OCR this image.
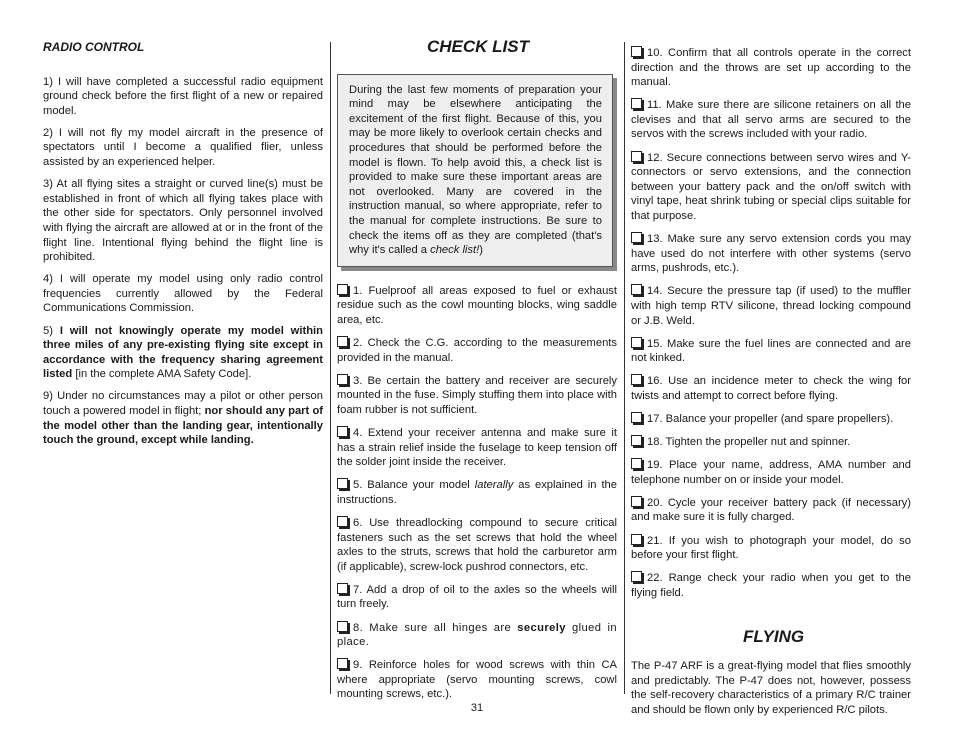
RADIO CONTROL

1) I will have completed a successful radio equipment ground check before the first flight of a new or repaired model.

2) I will not fly my model aircraft in the presence of spectators until I become a qualified flier, unless assisted by an experienced helper.

3) At all flying sites a straight or curved line(s) must be established in front of which all flying takes place with the other side for spectators. Only personnel involved with flying the aircraft are allowed at or in the front of the flight line. Intentional flying behind the flight line is prohibited.

4) I will operate my model using only radio control frequencies currently allowed by the Federal Communications Commission.

5) I will not knowingly operate my model within three miles of any pre-existing flying site except in accordance with the frequency sharing agreement listed [in the complete AMA Safety Code].

9) Under no circumstances may a pilot or other person touch a powered model in flight; nor should any part of the model other than the landing gear, intentionally touch the ground, except while landing.

CHECK LIST

During the last few moments of preparation your mind may be elsewhere anticipating the excitement of the first flight. Because of this, you may be more likely to overlook certain checks and procedures that should be performed before the model is flown. To help avoid this, a check list is provided to make sure these important areas are not overlooked. Many are covered in the instruction manual, so where appropriate, refer to the manual for complete instructions. Be sure to check the items off as they are completed (that's why it's called a check list!)

1. Fuelproof all areas exposed to fuel or exhaust residue such as the cowl mounting blocks, wing saddle area, etc.

2. Check the C.G. according to the measurements provided in the manual.

3. Be certain the battery and receiver are securely mounted in the fuse. Simply stuffing them into place with foam rubber is not sufficient.

4. Extend your receiver antenna and make sure it has a strain relief inside the fuselage to keep tension off the solder joint inside the receiver.

5. Balance your model laterally as explained in the instructions.

6. Use threadlocking compound to secure critical fasteners such as the set screws that hold the wheel axles to the struts, screws that hold the carburetor arm (if applicable), screw-lock pushrod connectors, etc.

7. Add a drop of oil to the axles so the wheels will turn freely.

8. Make sure all hinges are securely glued in place.

9. Reinforce holes for wood screws with thin CA where appropriate (servo mounting screws, cowl mounting screws, etc.).

10. Confirm that all controls operate in the correct direction and the throws are set up according to the manual.

11. Make sure there are silicone retainers on all the clevises and that all servo arms are secured to the servos with the screws included with your radio.

12. Secure connections between servo wires and Y-connectors or servo extensions, and the connection between your battery pack and the on/off switch with vinyl tape, heat shrink tubing or special clips suitable for that purpose.

13. Make sure any servo extension cords you may have used do not interfere with other systems (servo arms, pushrods, etc.).

14. Secure the pressure tap (if used) to the muffler with high temp RTV silicone, thread locking compound or J.B. Weld.

15. Make sure the fuel lines are connected and are not kinked.

16. Use an incidence meter to check the wing for twists and attempt to correct before flying.

17. Balance your propeller (and spare propellers).

18. Tighten the propeller nut and spinner.

19. Place your name, address, AMA number and telephone number on or inside your model.

20. Cycle your receiver battery pack (if necessary) and make sure it is fully charged.

21. If you wish to photograph your model, do so before your first flight.

22. Range check your radio when you get to the flying field.

FLYING

The P-47 ARF is a great-flying model that flies smoothly and predictably. The P-47 does not, however, possess the self-recovery characteristics of a primary R/C trainer and should be flown only by experienced R/C pilots.

31
